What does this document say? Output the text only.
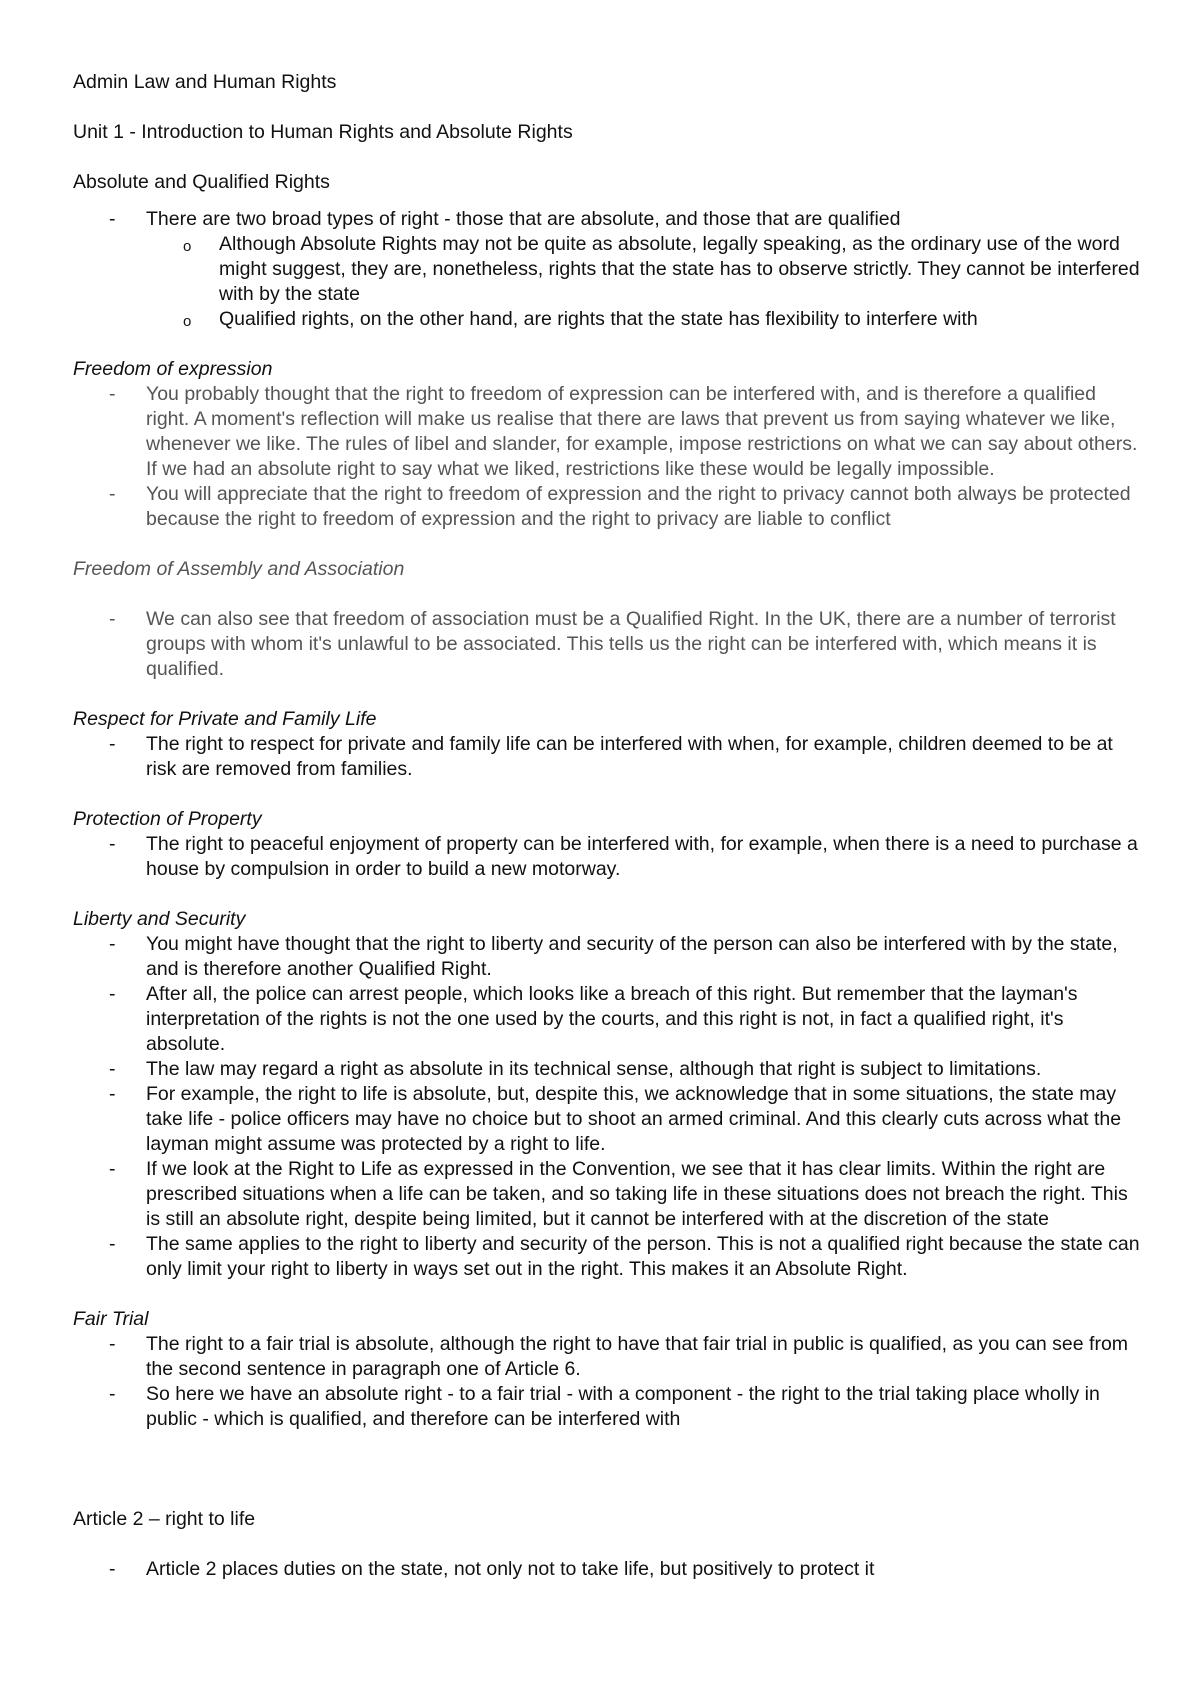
Admin Law and Human Rights

Unit 1 - Introduction to Human Rights and Absolute Rights

Absolute and Qualified Rights

- There are two broad types of right - those that are absolute, and those that are qualified
o Although Absolute Rights may not be quite as absolute, legally speaking, as the ordinary use of the word might suggest, they are, nonetheless, rights that the state has to observe strictly. They cannot be interfered with by the state
o Qualified rights, on the other hand, are rights that the state has flexibility to interfere with

Freedom of expression

- You probably thought that the right to freedom of expression can be interfered with, and is therefore a qualified right. A moment's reflection will make us realise that there are laws that prevent us from saying whatever we like, whenever we like. The rules of libel and slander, for example, impose restrictions on what we can say about others. If we had an absolute right to say what we liked, restrictions like these would be legally impossible.
- You will appreciate that the right to freedom of expression and the right to privacy cannot both always be protected because the right to freedom of expression and the right to privacy are liable to conflict

Freedom of Assembly and Association

- We can also see that freedom of association must be a Qualified Right. In the UK, there are a number of terrorist groups with whom it's unlawful to be associated. This tells us the right can be interfered with, which means it is qualified.

Respect for Private and Family Life

- The right to respect for private and family life can be interfered with when, for example, children deemed to be at risk are removed from families.

Protection of Property

- The right to peaceful enjoyment of property can be interfered with, for example, when there is a need to purchase a house by compulsion in order to build a new motorway.

Liberty and Security

- You might have thought that the right to liberty and security of the person can also be interfered with by the state, and is therefore another Qualified Right.
- After all, the police can arrest people, which looks like a breach of this right. But remember that the layman's interpretation of the rights is not the one used by the courts, and this right is not, in fact a qualified right, it's absolute.
- The law may regard a right as absolute in its technical sense, although that right is subject to limitations.
- For example, the right to life is absolute, but, despite this, we acknowledge that in some situations, the state may take life - police officers may have no choice but to shoot an armed criminal. And this clearly cuts across what the layman might assume was protected by a right to life.
- If we look at the Right to Life as expressed in the Convention, we see that it has clear limits. Within the right are prescribed situations when a life can be taken, and so taking life in these situations does not breach the right. This is still an absolute right, despite being limited, but it cannot be interfered with at the discretion of the state
- The same applies to the right to liberty and security of the person. This is not a qualified right because the state can only limit your right to liberty in ways set out in the right. This makes it an Absolute Right.

Fair Trial

- The right to a fair trial is absolute, although the right to have that fair trial in public is qualified, as you can see from the second sentence in paragraph one of Article 6.
- So here we have an absolute right - to a fair trial - with a component - the right to the trial taking place wholly in public - which is qualified, and therefore can be interfered with

Article 2 – right to life

- Article 2 places duties on the state, not only not to take life, but positively to protect it
